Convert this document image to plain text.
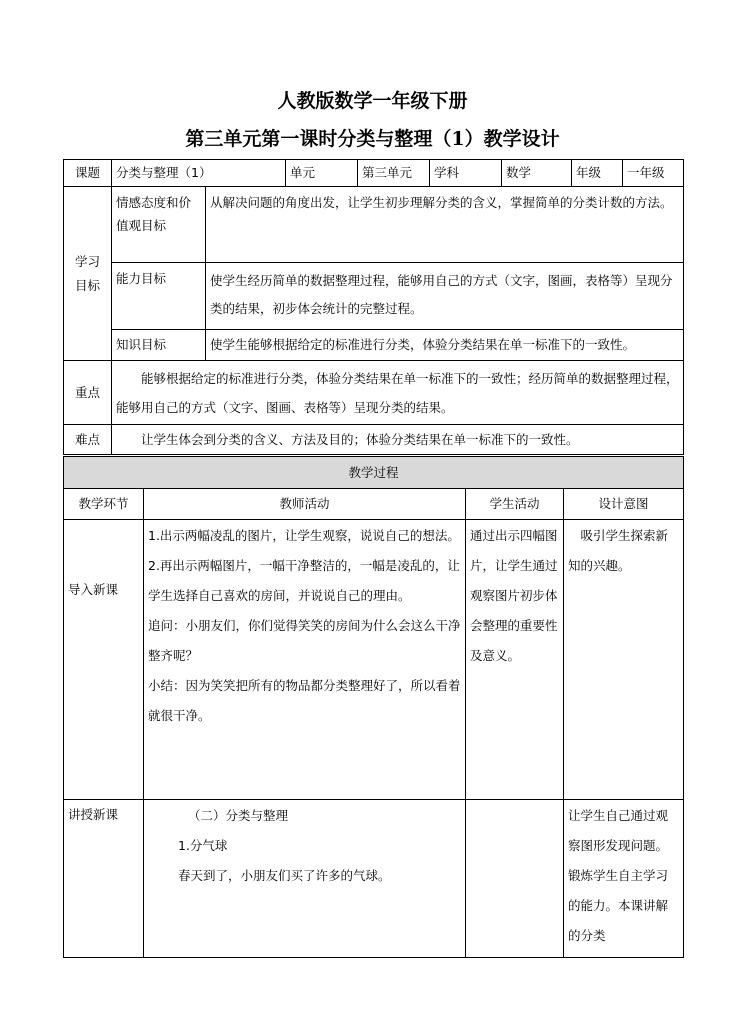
人教版数学一年级下册
第三单元第一课时分类与整理（1）教学设计
课题	分类与整理（1）		单元	第三单元	学科	数学	年级	一年级

学习
目标	情感态度和价值观目标	从解决问题的角度出发，让学生初步理解分类的含义，掌握简单的分类计数的方法。						

	能力目标	使学生经历简单的数据整理过程，能够用自己的方式（文字，图画，表格等）呈现分类的结果，初步体会统计的完整过程。						

	知识目标	使学生能够根据给定的标准进行分类，体验分类结果在单一标准下的一致性。						
重点	能够根据给定的标准进行分类，体验分类结果在单一标准下的一致性；经历简单的数据整理过程，能够用自己的方式（文字、图画、表格等）呈现分类的结果。							

难点	让学生体会到分类的含义、方法及目的；体验分类结果在单一标准下的一致性。							
教学过程			
教学环节	教师活动	学生活动	设计意图
导入新课	1.出示两幅凌乱的图片，让学生观察，说说自己的想法。

2.再出示两幅图片，一幅干净整洁的，一幅是凌乱的，让学生选择自己喜欢的房间，并说说自己的理由。

追问：小朋友们，你们觉得笑笑的房间为什么会这么干净整齐呢？

小结：因为笑笑把所有的物品都分类整理好了，所以看着就很干净。	通过出示四幅图片，让学生通过观察图片初步体会整理的重要性及意义。	吸引学生探索新知的兴趣。

讲授新课	（二）分类与整理

1.分气球

春天到了，小朋友们买了许多的气球。		让学生自己通过观察图形发现问题。锻炼学生自主学习的能力。本课讲解的分类
